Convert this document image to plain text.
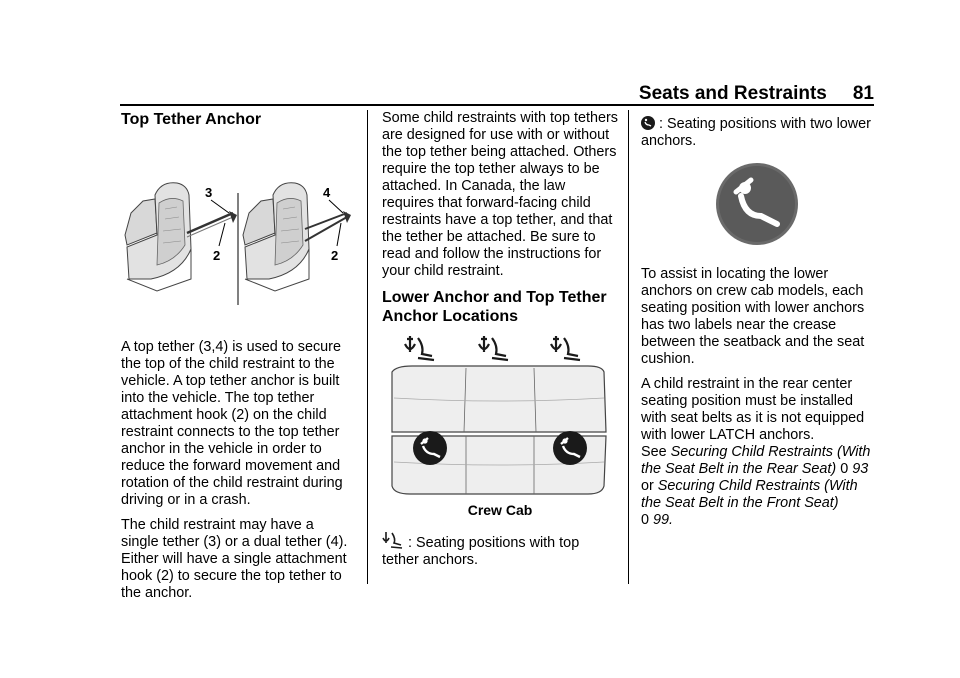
Seats and Restraints 81
Top Tether Anchor
3
2
4
2

A top tether (3,4) is used to secure the top of the child restraint to the vehicle. A top tether anchor is built into the vehicle. The top tether attachment hook (2) on the child restraint connects to the top tether anchor in the vehicle in order to reduce the forward movement and rotation of the child restraint during driving or in a crash.

The child restraint may have a single tether (3) or a dual tether (4). Either will have a single attachment hook (2) to secure the top tether to the anchor.

Some child restraints with top tethers are designed for use with or without the top tether being attached. Others require the top tether always to be attached. In Canada, the law requires that forward-facing child restraints have a top tether, and that the tether be attached. Be sure to read and follow the instructions for your child restraint.

Lower Anchor and Top Tether Anchor Locations
Crew Cab

: Seating positions with top tether anchors.

: Seating positions with two lower anchors.

To assist in locating the lower anchors on crew cab models, each seating position with lower anchors has two labels near the crease between the seatback and the seat cushion.

A child restraint in the rear center seating position must be installed with seat belts as it is not equipped with lower LATCH anchors.
See Securing Child Restraints (With the Seat Belt in the Rear Seat) 0 93
or Securing Child Restraints (With the Seat Belt in the Front Seat)
0 99.
